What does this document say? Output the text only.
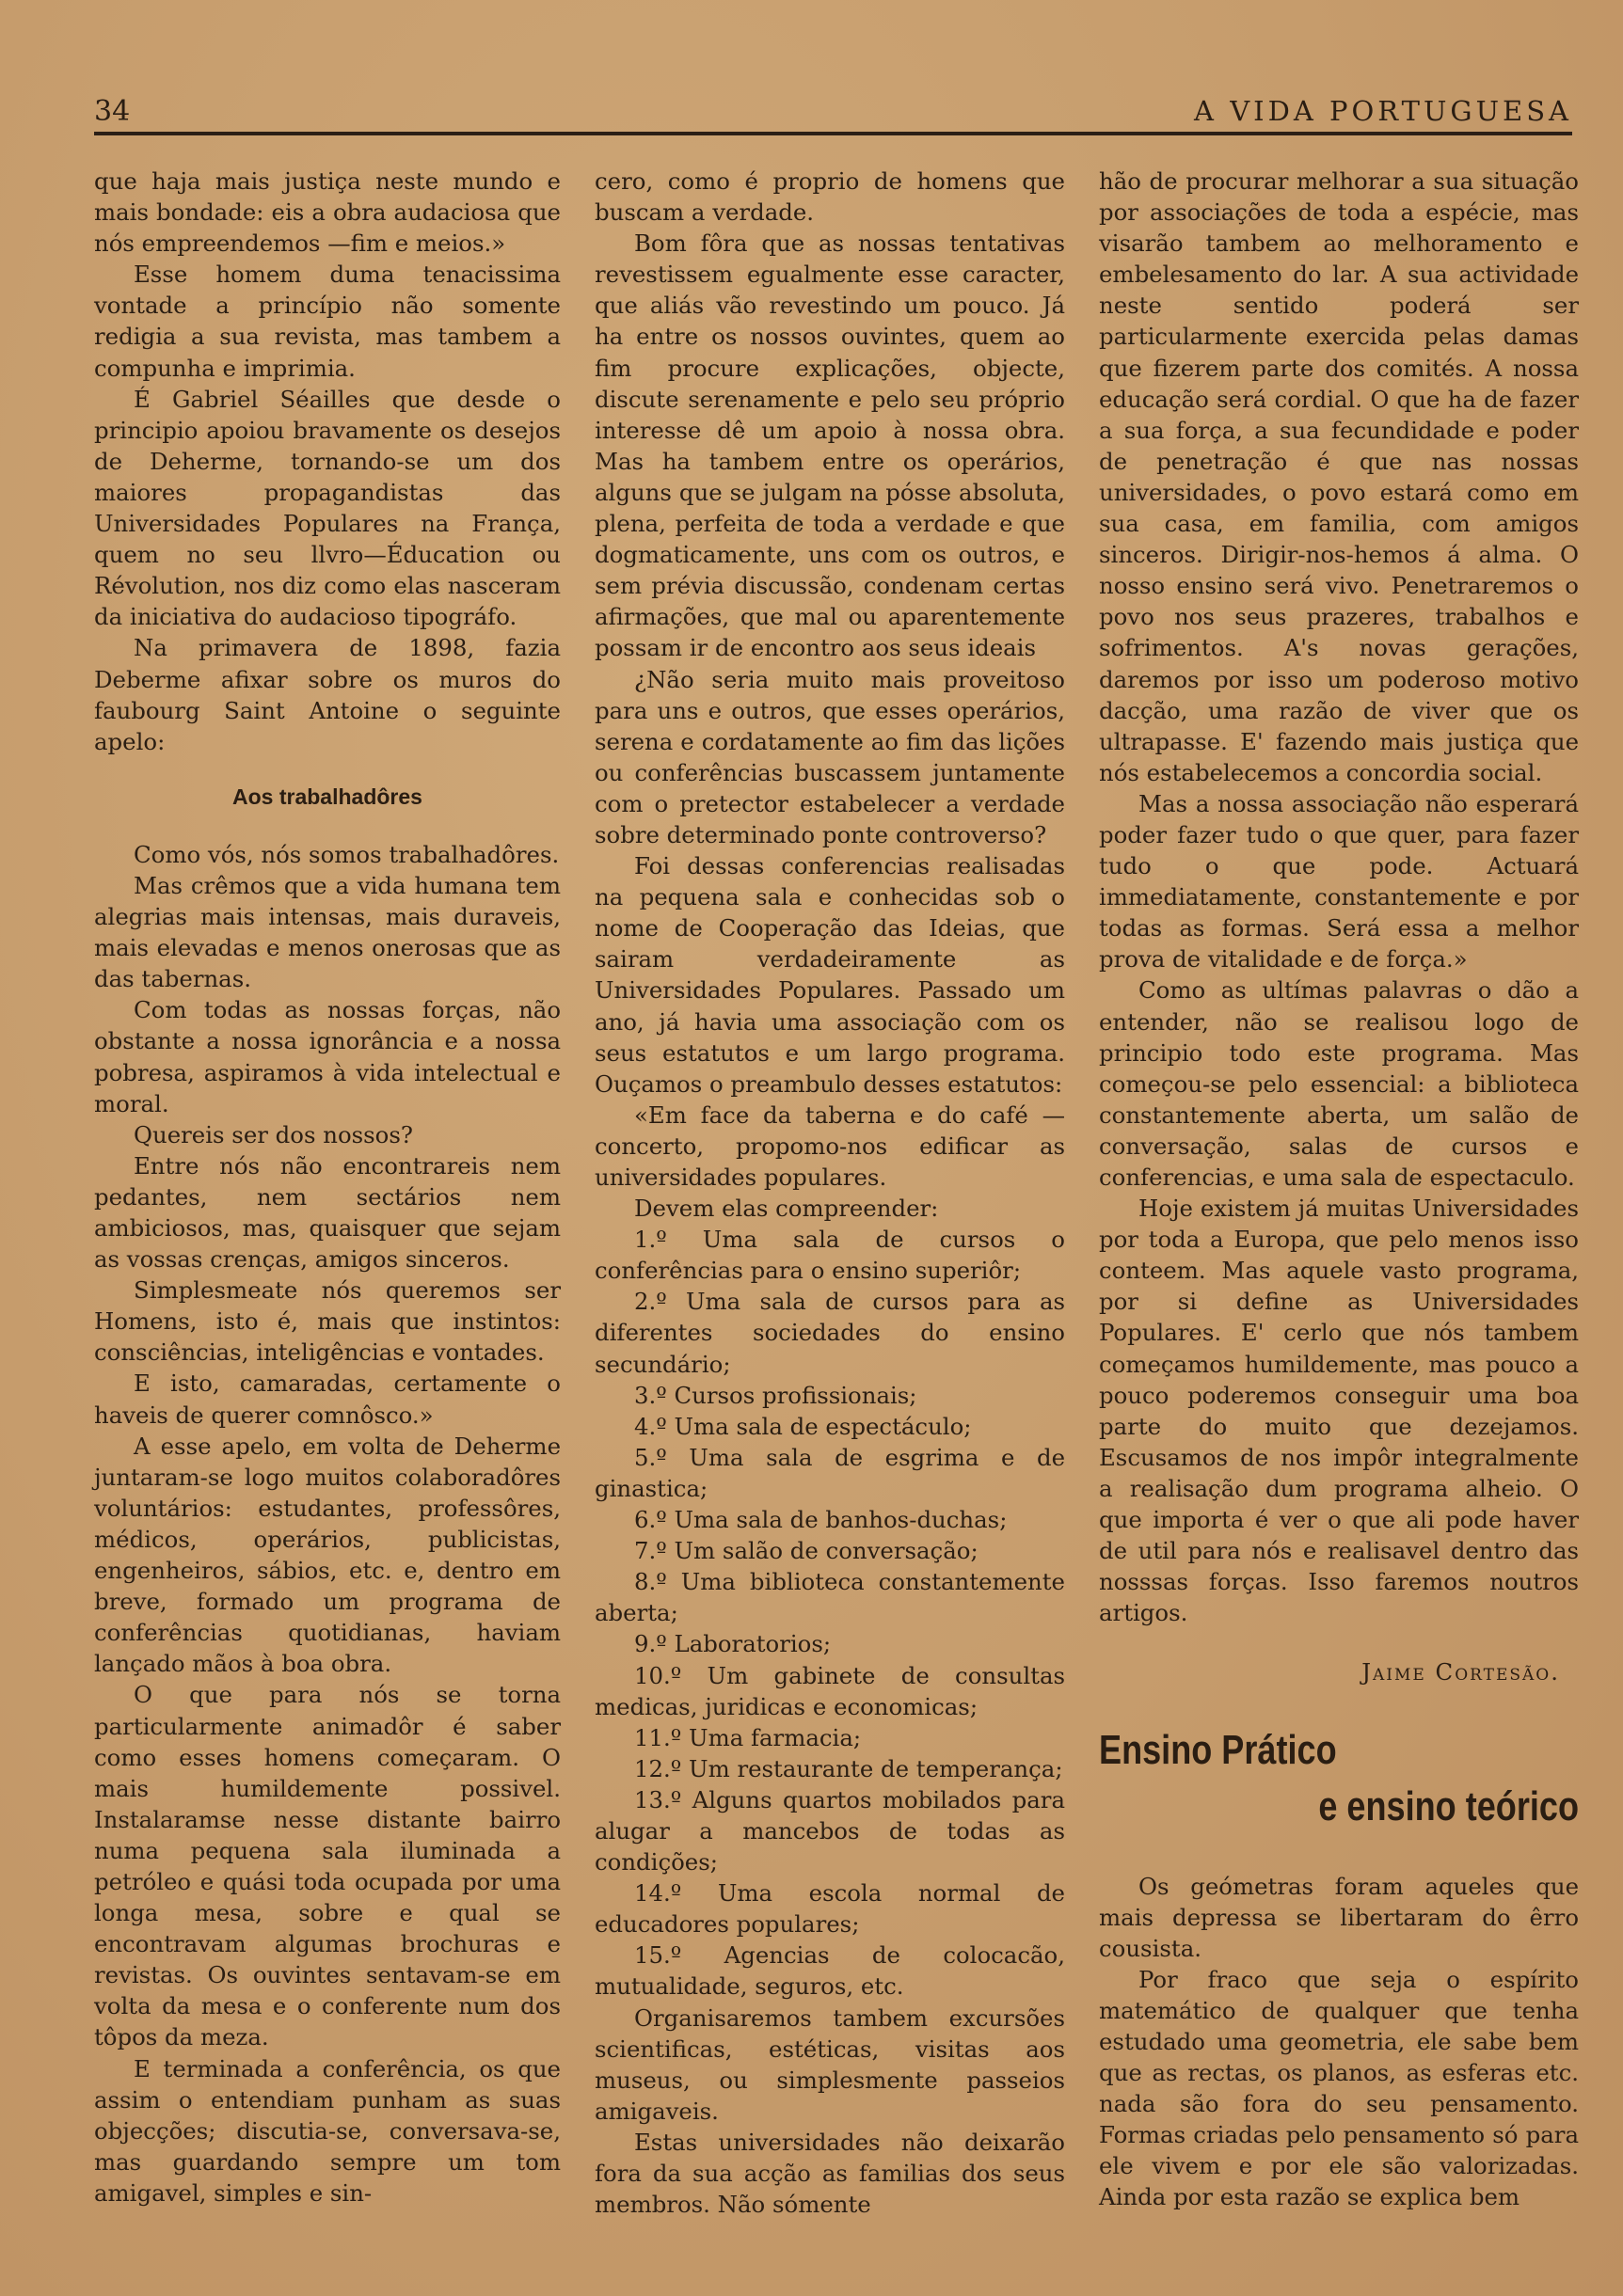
34	A VIDA PORTUGUESA

que haja mais justiça neste mundo e mais bondade: eis a obra audaciosa que nós empreendemos —fim e meios.»

Esse homem duma tenacissima vontade a princípio não somente redigia a sua revista, mas tambem a compunha e imprimia.

É Gabriel Séailles que desde o principio apoiou bravamente os desejos de Deherme, tornando-se um dos maiores propagandistas das Universidades Populares na França, quem no seu llvro—Éducation ou Révolution, nos diz como elas nasceram da iniciativa do audacioso tipográfo.

Na primavera de 1898, fazia Deberme afixar sobre os muros do faubourg Saint Antoine o seguinte apelo:

Aos trabalhadôres

Como vós, nós somos trabalhadôres.

Mas crêmos que a vida humana tem alegrias mais intensas, mais duraveis, mais elevadas e menos onerosas que as das tabernas.

Com todas as nossas forças, não obstante a nossa ignorância e a nossa pobresa, aspiramos à vida intelectual e moral.

Quereis ser dos nossos?

Entre nós não encontrareis nem pedantes, nem sectários nem ambiciosos, mas, quaisquer que sejam as vossas crenças, amigos sinceros.

Simplesmeate nós queremos ser Homens, isto é, mais que instintos: consciências, inteligências e vontades.

E isto, camaradas, certamente o haveis de querer comnôsco.»

A esse apelo, em volta de Deherme juntaram-se logo muitos colaboradôres voluntários: estudantes, professôres, médicos, operários, publicistas, engenheiros, sábios, etc. e, dentro em breve, formado um programa de conferências quotidianas, haviam lançado mãos à boa obra.

O que para nós se torna particularmente animadôr é saber como esses homens começaram. O mais humildemente possivel. Instalaramse nesse distante bairro numa pequena sala iluminada a petróleo e quási toda ocupada por uma longa mesa, sobre e qual se encontravam algumas brochuras e revistas. Os ouvintes sentavam-se em volta da mesa e o conferente num dos tôpos da meza.

E terminada a conferência, os que assim o entendiam punham as suas objecções; discutia-se, conversava-se, mas guardando sempre um tom amigavel, simples e sin-

cero, como é proprio de homens que buscam a verdade.

Bom fôra que as nossas tentativas revestissem egualmente esse caracter, que aliás vão revestindo um pouco. Já ha entre os nossos ouvintes, quem ao fim procure explicações, objecte, discute serenamente e pelo seu próprio interesse dê um apoio à nossa obra. Mas ha tambem entre os operários, alguns que se julgam na pósse absoluta, plena, perfeita de toda a verdade e que dogmaticamente, uns com os outros, e sem prévia discussão, condenam certas afirmações, que mal ou aparentemente possam ir de encontro aos seus ideais

¿Não seria muito mais proveitoso para uns e outros, que esses operários, serena e cordatamente ao fim das lições ou conferências buscassem juntamente com o pretector estabelecer a verdade sobre determinado ponte controverso?

Foi dessas conferencias realisadas na pequena sala e conhecidas sob o nome de Cooperação das Ideias, que sairam verdadeiramente as Universidades Populares. Passado um ano, já havia uma associação com os seus estatutos e um largo programa. Ouçamos o preambulo desses estatutos:

«Em face da taberna e do café —concerto, propomo-nos edificar as universidades populares.

Devem elas compreender:

1.º Uma sala de cursos o conferências para o ensino superiôr;

2.º Uma sala de cursos para as diferentes sociedades do ensino secundário;

3.º Cursos profissionais;

4.º Uma sala de espectáculo;

5.º Uma sala de esgrima e de ginastica;

6.º Uma sala de banhos-duchas;

7.º Um salão de conversação;

8.º Uma biblioteca constantemente aberta;

9.º Laboratorios;

10.º Um gabinete de consultas medicas, juridicas e economicas;

11.º Uma farmacia;

12.º Um restaurante de temperança;

13.º Alguns quartos mobilados para alugar a mancebos de todas as condições;

14.º Uma escola normal de educadores populares;

15.º Agencias de colocacão, mutualidade, seguros, etc.

Organisaremos tambem excursões scientificas, estéticas, visitas aos museus, ou simplesmente passeios amigaveis.

Estas universidades não deixarão fora da sua acção as familias dos seus membros. Não sómente

hão de procurar melhorar a sua situação por associações de toda a espécie, mas visarão tambem ao melhoramento e embelesamento do lar. A sua actividade neste sentido poderá ser particularmente exercida pelas damas que fizerem parte dos comités. A nossa educação será cordial. O que ha de fazer a sua força, a sua fecundidade e poder de penetração é que nas nossas universidades, o povo estará como em sua casa, em familia, com amigos sinceros. Dirigir-nos-hemos á alma. O nosso ensino será vivo. Penetraremos o povo nos seus prazeres, trabalhos e sofrimentos. A's novas gerações, daremos por isso um poderoso motivo dacção, uma razão de viver que os ultrapasse. E' fazendo mais justiça que nós estabelecemos a concordia social.

Mas a nossa associação não esperará poder fazer tudo o que quer, para fazer tudo o que pode. Actuará immediatamente, constantemente e por todas as formas. Será essa a melhor prova de vitalidade e de força.»

Como as ultímas palavras o dão a entender, não se realisou logo de principio todo este programa. Mas começou-se pelo essencial: a biblioteca constantemente aberta, um salão de conversação, salas de cursos e conferencias, e uma sala de espectaculo.

Hoje existem já muitas Universidades por toda a Europa, que pelo menos isso conteem. Mas aquele vasto programa, por si define as Universidades Populares. E' cerlo que nós tambem começamos humildemente, mas pouco a pouco poderemos conseguir uma boa parte do muito que dezejamos. Escusamos de nos impôr integralmente a realisação dum programa alheio. O que importa é ver o que ali pode haver de util para nós e realisavel dentro das nosssas forças. Isso faremos noutros artigos.

Jaime Cortesão.

Ensino Prático

e ensino teórico

Os geómetras foram aqueles que mais depressa se libertaram do êrro cousista.

Por fraco que seja o espírito matemático de qualquer que tenha estudado uma geometria, ele sabe bem que as rectas, os planos, as esferas etc. nada são fora do seu pensamento. Formas criadas pelo pensamento só para ele vivem e por ele são valorizadas. Ainda por esta razão se explica bem
